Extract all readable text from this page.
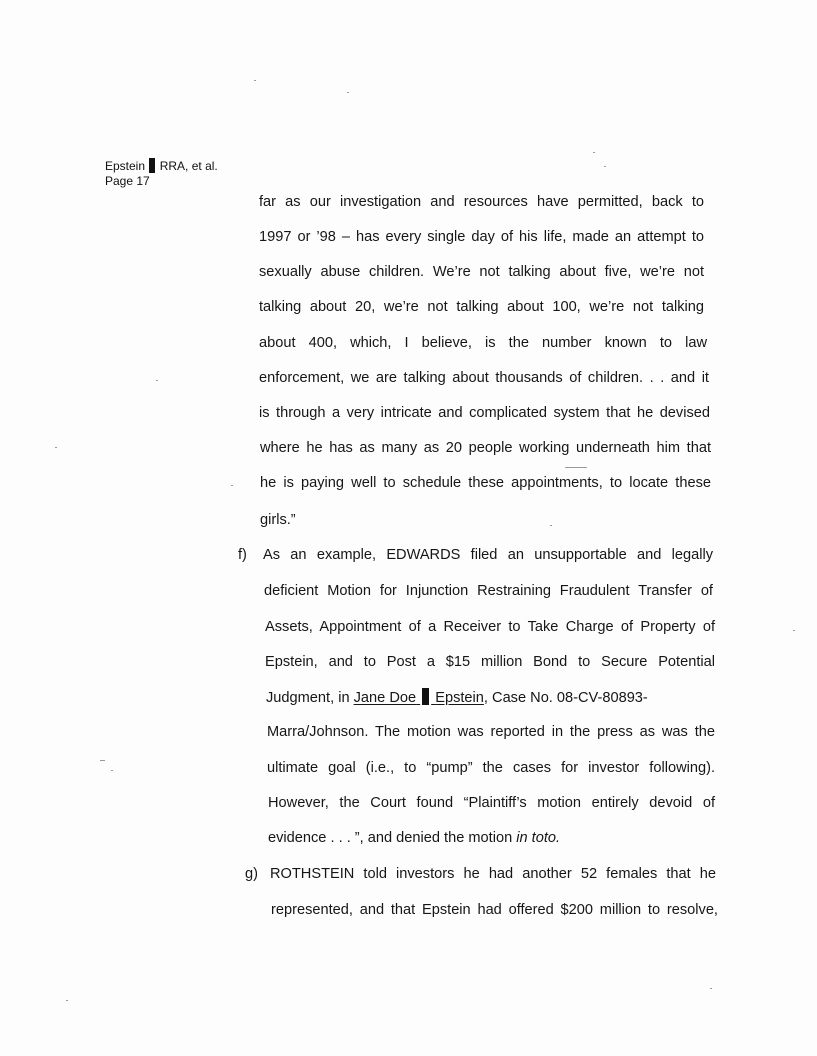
Epstein RRA, et al.
Page 17
far as our investigation and resources have permitted, back to
1997 or ’98 – has every single day of his life, made an attempt to
sexually abuse children. We’re not talking about five, we’re not
talking about 20, we’re not talking about 100, we’re not talking
about 400, which, I believe, is the number known to law
enforcement, we are talking about thousands of children. . . and it
is through a very intricate and complicated system that he devised
where he has as many as 20 people working underneath him that
he is paying well to schedule these appointments, to locate these
girls.”
f) As an example, EDWARDS filed an unsupportable and legally
deficient Motion for Injunction Restraining Fraudulent Transfer of
Assets, Appointment of a Receiver to Take Charge of Property of
Epstein, and to Post a $15 million Bond to Secure Potential
Judgment, in Jane Doe Epstein, Case No. 08-CV-80893-
Marra/Johnson. The motion was reported in the press as was the
ultimate goal (i.e., to “pump” the cases for investor following).
However, the Court found “Plaintiff’s motion entirely devoid of
evidence . . . ”, and denied the motion in toto.
g) ROTHSTEIN told investors he had another 52 females that he
represented, and that Epstein had offered $200 million to resolve,
